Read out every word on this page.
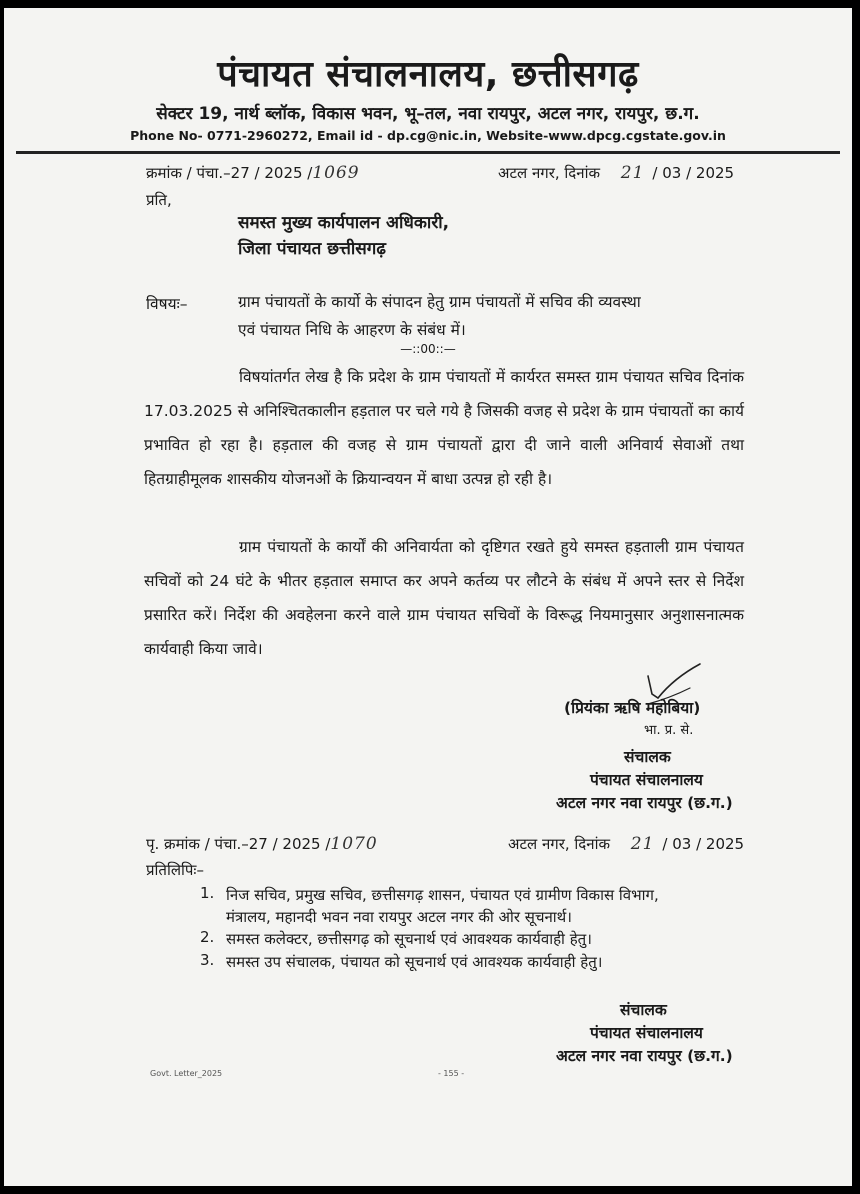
पंचायत संचालनालय, छत्तीसगढ़
सेक्टर 19, नार्थ ब्लॉक, विकास भवन, भू–तल, नवा रायपुर, अटल नगर, रायपुर, छ.ग.
Phone No- 0771-2960272, Email id - dp.cg@nic.in, Website-www.dpcg.cgstate.gov.in
क्रमांक / पंचा.–27 / 2025 /1069	अटल नगर, दिनांक 21 / 03 / 2025
प्रति,
समस्त मुख्य कार्यपालन अधिकारी,
जिला पंचायत छत्तीसगढ़
विषयः–	ग्राम पंचायतों के कार्यो के संपादन हेतु ग्राम पंचायतों में सचिव की व्यवस्था
एवं पंचायत निधि के आहरण के संबंध में।
—::00::—
विषयांतर्गत लेख है कि प्रदेश के ग्राम पंचायतों में कार्यरत समस्त ग्राम पंचायत सचिव दिनांक 17.03.2025 से अनिश्चितकालीन हड़ताल पर चले गये है जिसकी वजह से प्रदेश के ग्राम पंचायतों का कार्य प्रभावित हो रहा है। हड़ताल की वजह से ग्राम पंचायतों द्वारा दी जाने वाली अनिवार्य सेवाओं तथा हितग्राहीमूलक शासकीय योजनओं के क्रियान्वयन में बाधा उत्पन्न हो रही है।
ग्राम पंचायतों के कार्यों की अनिवार्यता को दृष्टिगत रखते हुये समस्त हड़ताली ग्राम पंचायत सचिवों को 24 घंटे के भीतर हड़ताल समाप्त कर अपने कर्तव्य पर लौटने के संबंध में अपने स्तर से निर्देश प्रसारित करें। निर्देश की अवहेलना करने वाले ग्राम पंचायत सचिवों के विरूद्ध नियमानुसार अनुशासनात्मक कार्यवाही किया जावे।
(प्रियंका ऋषि महोबिया)
भा. प्र. से.
संचालक
पंचायत संचालनालय
अटल नगर नवा रायपुर (छ.ग.)
पृ. क्रमांक / पंचा.–27 / 2025 /1070	अटल नगर, दिनांक 21 / 03 / 2025
प्रतिलिपिः–
1. निज सचिव, प्रमुख सचिव, छत्तीसगढ़ शासन, पंचायत एवं ग्रामीण विकास विभाग,
मंत्रालय, महानदी भवन नवा रायपुर अटल नगर की ओर सूचनार्थ।
2. समस्त कलेक्टर, छत्तीसगढ़ को सूचनार्थ एवं आवश्यक कार्यवाही हेतु।
3. समस्त उप संचालक, पंचायत को सूचनार्थ एवं आवश्यक कार्यवाही हेतु।
संचालक
पंचायत संचालनालय
अटल नगर नवा रायपुर (छ.ग.)
Govt. Letter_2025	- 155 -
